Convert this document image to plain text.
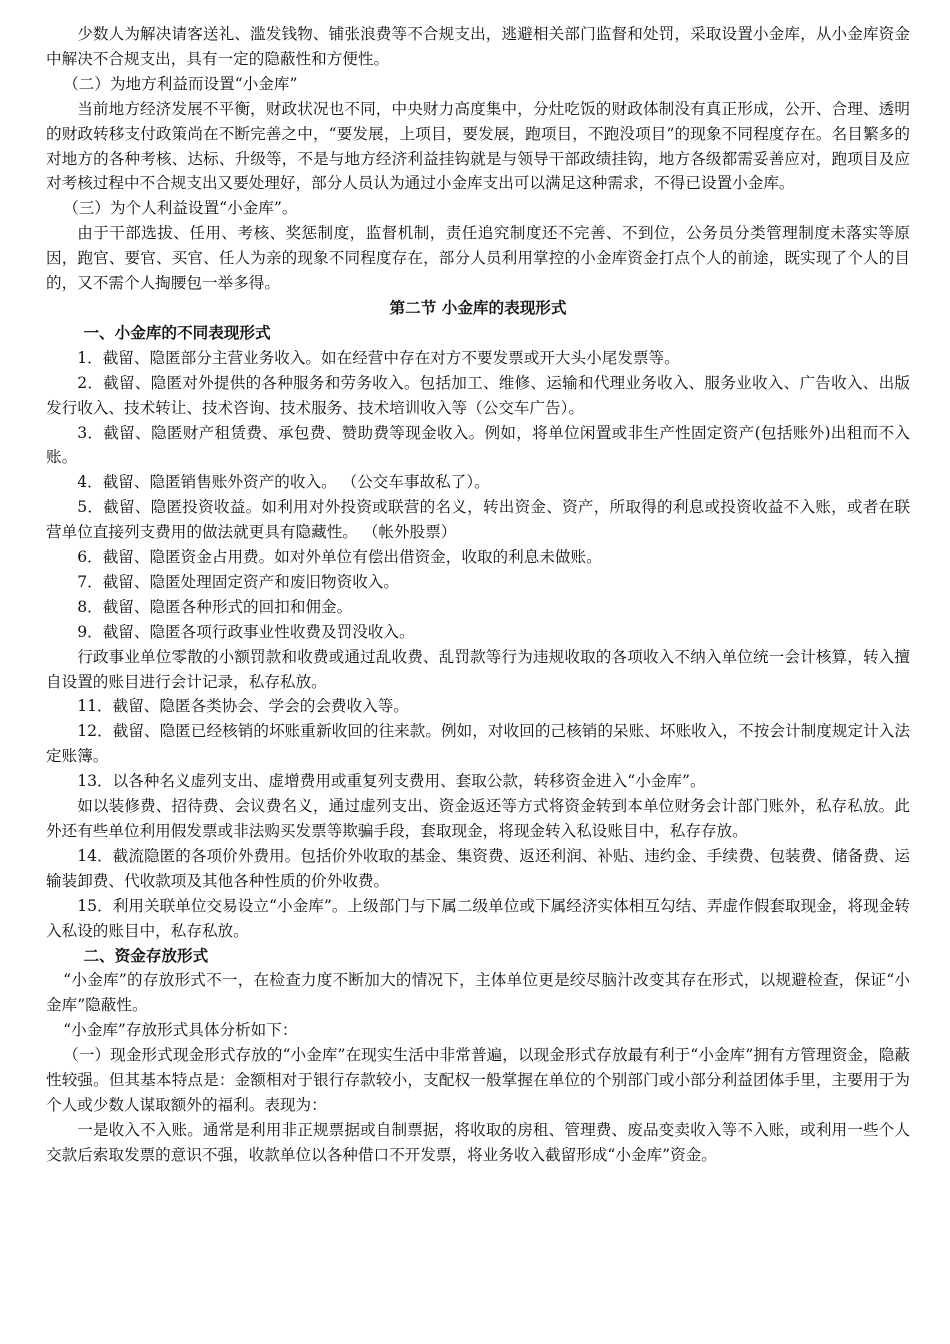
少数人为解决请客送礼、滥发钱物、铺张浪费等不合规支出，逃避相关部门监督和处罚，采取设置小金库，从小金库资金中解决不合规支出，具有一定的隐蔽性和方便性。

（二）为地方利益而设置“小金库”

当前地方经济发展不平衡，财政状况也不同，中央财力高度集中，分灶吃饭的财政体制没有真正形成，公开、合理、透明的财政转移支付政策尚在不断完善之中，“要发展，上项目，要发展，跑项目，不跑没项目”的现象不同程度存在。名目繁多的对地方的各种考核、达标、升级等，不是与地方经济利益挂钩就是与领导干部政绩挂钩，地方各级都需妥善应对，跑项目及应对考核过程中不合规支出又要处理好，部分人员认为通过小金库支出可以满足这种需求，不得已设置小金库。

（三）为个人利益设置“小金库”。

由于干部选拔、任用、考核、奖惩制度，监督机制，责任追究制度还不完善、不到位，公务员分类管理制度未落实等原因，跑官、要官、买官、任人为亲的现象不同程度存在，部分人员利用掌控的小金库资金打点个人的前途，既实现了个人的目的，又不需个人掏腰包一举多得。

第二节 小金库的表现形式

一、小金库的不同表现形式

1．截留、隐匿部分主营业务收入。如在经营中存在对方不要发票或开大头小尾发票等。

2．截留、隐匿对外提供的各种服务和劳务收入。包括加工、维修、运输和代理业务收入、服务业收入、广告收入、出版发行收入、技术转让、技术咨询、技术服务、技术培训收入等（公交车广告）。

3．截留、隐匿财产租赁费、承包费、赞助费等现金收入。例如，将单位闲置或非生产性固定资产(包括账外)出租而不入账。

4．截留、隐匿销售账外资产的收入。 （公交车事故私了）。

5．截留、隐匿投资收益。如利用对外投资或联营的名义，转出资金、资产，所取得的利息或投资收益不入账，或者在联营单位直接列支费用的做法就更具有隐藏性。 （帐外股票）

6．截留、隐匿资金占用费。如对外单位有偿出借资金，收取的利息未做账。

7．截留、隐匿处理固定资产和废旧物资收入。

8．截留、隐匿各种形式的回扣和佣金。

9．截留、隐匿各项行政事业性收费及罚没收入。

行政事业单位零散的小额罚款和收费或通过乱收费、乱罚款等行为违规收取的各项收入不纳入单位统一会计核算，转入擅自设置的账目进行会计记录，私存私放。

11．截留、隐匿各类协会、学会的会费收入等。

12．截留、隐匿已经核销的坏账重新收回的往来款。例如，对收回的己核销的呆账、坏账收入，不按会计制度规定计入法定账簿。

13．以各种名义虚列支出、虚增费用或重复列支费用、套取公款，转移资金进入“小金库”。

如以装修费、招待费、会议费名义，通过虚列支出、资金返还等方式将资金转到本单位财务会计部门账外，私存私放。此外还有些单位利用假发票或非法购买发票等欺骗手段，套取现金，将现金转入私设账目中，私存存放。

14．截流隐匿的各项价外费用。包括价外收取的基金、集资费、返还利润、补贴、违约金、手续费、包装费、储备费、运输装卸费、代收款项及其他各种性质的价外收费。

15．利用关联单位交易设立“小金库”。上级部门与下属二级单位或下属经济实体相互勾结、弄虚作假套取现金，将现金转入私设的账目中，私存私放。

二、资金存放形式

“小金库”的存放形式不一，在检查力度不断加大的情况下，主体单位更是绞尽脑汁改变其存在形式，以规避检查，保证“小金库”隐蔽性。

“小金库”存放形式具体分析如下：

（一）现金形式现金形式存放的“小金库”在现实生活中非常普遍，以现金形式存放最有利于“小金库”拥有方管理资金，隐蔽性较强。但其基本特点是：金额相对于银行存款较小，支配权一般掌握在单位的个别部门或小部分利益团体手里，主要用于为个人或少数人谋取额外的福利。表现为：

一是收入不入账。通常是利用非正规票据或自制票据，将收取的房租、管理费、废品变卖收入等不入账，或利用一些个人交款后索取发票的意识不强，收款单位以各种借口不开发票，将业务收入截留形成“小金库”资金。
